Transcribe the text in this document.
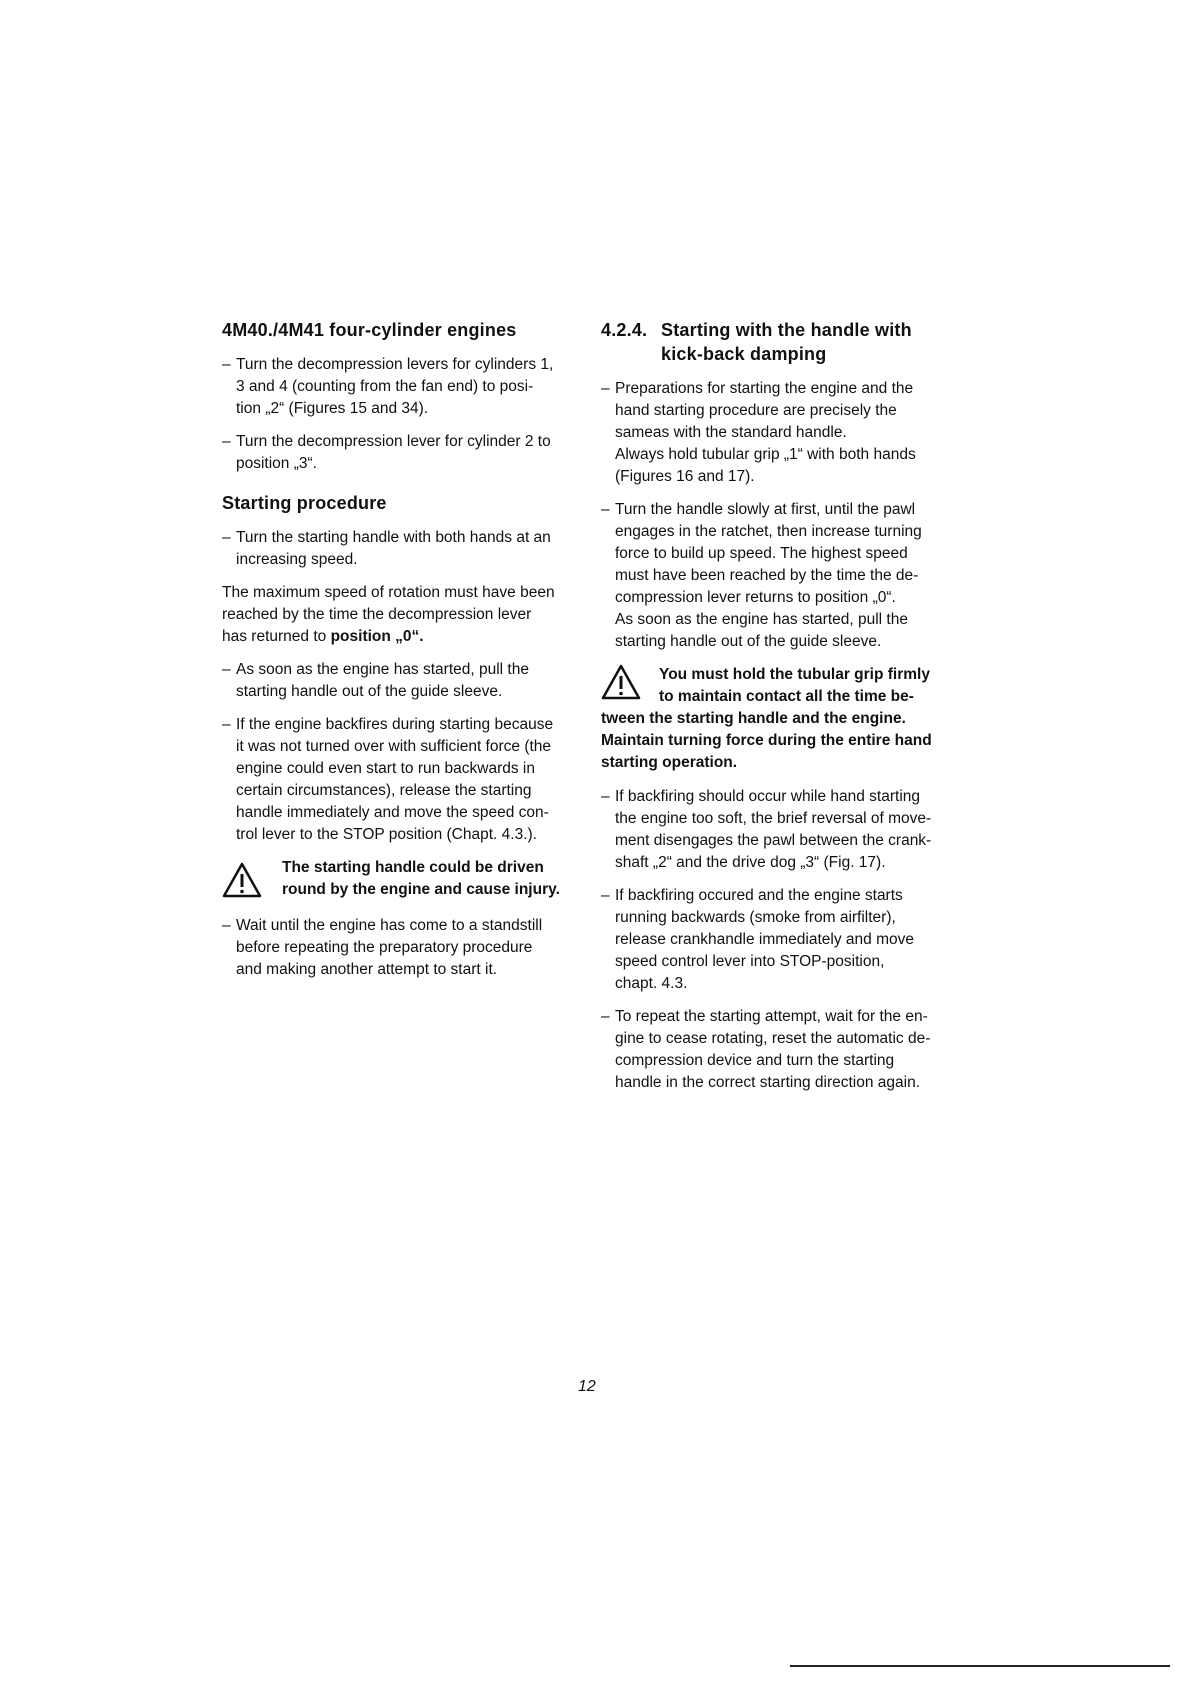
4M40./4M41 four-cylinder engines
– Turn the decompression levers for cylinders 1,
3 and 4 (counting from the fan end) to posi-
tion „2“ (Figures 15 and 34).
– Turn the decompression lever for cylinder 2 to
position „3“.
Starting procedure
– Turn the starting handle with both hands at an
increasing speed.

The maximum speed of rotation must have been
reached by the time the decompression lever
has returned to position „0“.

– As soon as the engine has started, pull the
starting handle out of the guide sleeve.
– If the engine backfires during starting because
it was not turned over with sufficient force (the
engine could even start to run backwards in
certain circumstances), release the starting
handle immediately and move the speed con-
trol lever to the STOP position (Chapt. 4.3.).
The starting handle could be driven
round by the engine and cause injury.
– Wait until the engine has come to a standstill
before repeating the preparatory procedure
and making another attempt to start it.
4.2.4. Starting with the handle with
kick-back damping
– Preparations for starting the engine and the
hand starting procedure are precisely the
sameas with the standard handle.
Always hold tubular grip „1“ with both hands
(Figures 16 and 17).
– Turn the handle slowly at first, until the pawl
engages in the ratchet, then increase turning
force to build up speed. The highest speed
must have been reached by the time the de-
compression lever returns to position „0“.
As soon as the engine has started, pull the
starting handle out of the guide sleeve.
You must hold the tubular grip firmly
to maintain contact all the time be-
tween the starting handle and the engine.
Maintain turning force during the entire hand
starting operation.
– If backfiring should occur while hand starting
the engine too soft, the brief reversal of move-
ment disengages the pawl between the crank-
shaft „2“ and the drive dog „3“ (Fig. 17).
– If backfiring occured and the engine starts
running backwards (smoke from airfilter),
release crankhandle immediately and move
speed control lever into STOP-position,
chapt. 4.3.
– To repeat the starting attempt, wait for the en-
gine to cease rotating, reset the automatic de-
compression device and turn the starting
handle in the correct starting direction again.
12
